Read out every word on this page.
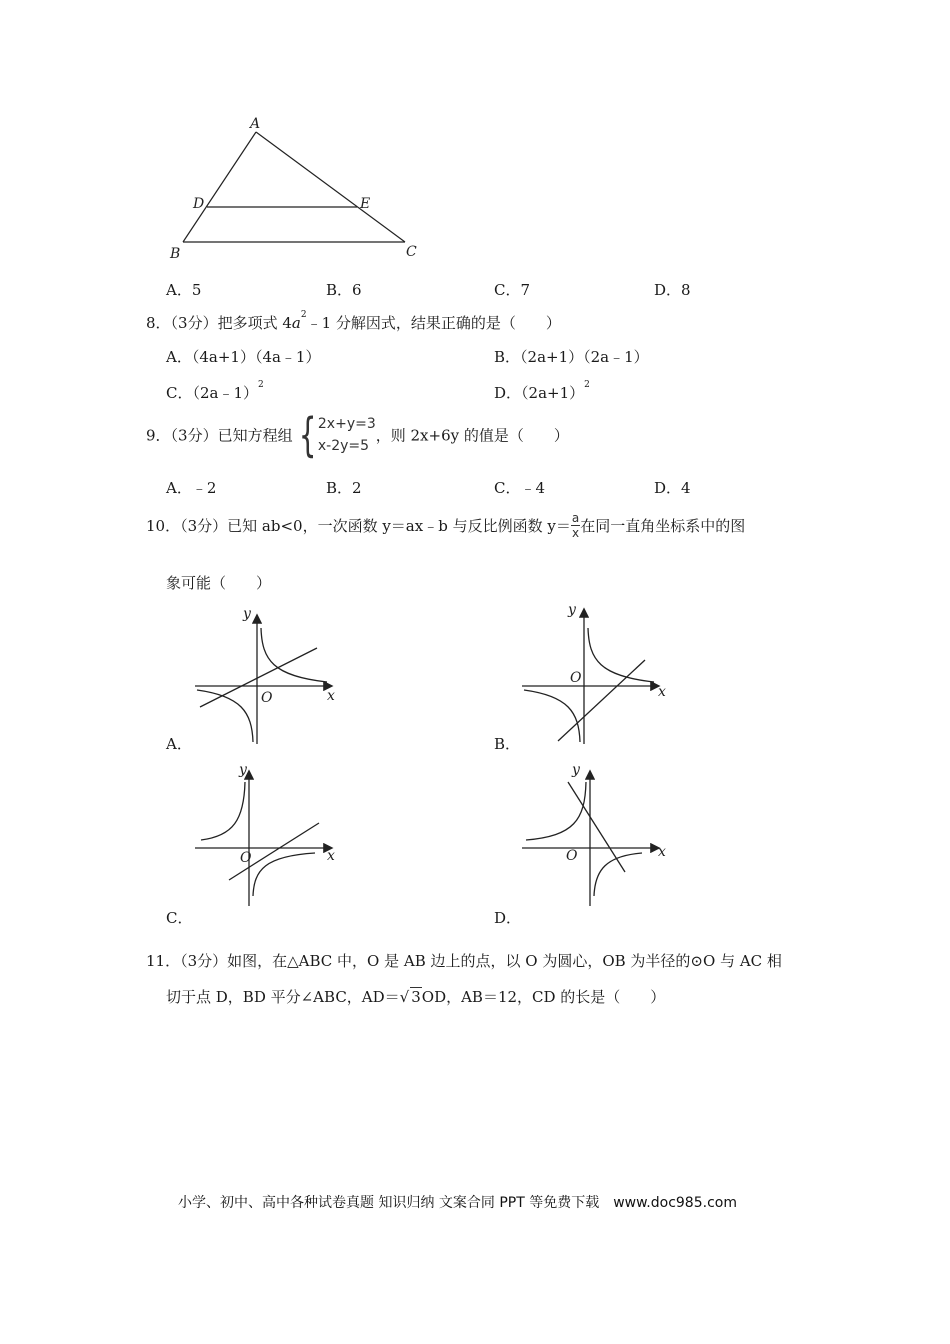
A
D	E
B	C
A．5	B．6	C．7	D．8
8．（3分）把多项式 $4a^2﹣1$ 分解因式，结果正确的是（　　）
A．（4a+1）（4a﹣1）	B．（2a+1）（2a﹣1）
C．（2a﹣1）$^2$	D．$(2a+1)^2$
9．（3分）已知方程组 { 2x+y=3
x-2y=5
，则 2x+6y 的值是（　　）
A．﹣2	B．2	C．﹣4	D．4
10．（3分）已知 ab<0，一次函数 y＝ax﹣b 与反比例函数 $y= \frac{a}{x}$ 在同一直角坐标系中的图
象可能（　　）
y
O	x
A．
y
O
x
B．
y
O	x
C．
y
O	x
D．
11．（3分）如图，在△ABC 中，O 是 AB 边上的点，以 O 为圆心，OB 为半径的⊙O 与 AC 相
切于点 D，BD 平分∠ABC，AD＝√ 3OD，AB＝12，CD 的长是（　　）
小学、初中、高中各种试卷真题 知识归纳 文案合同 PPT 等免费下载　www.doc985.com
